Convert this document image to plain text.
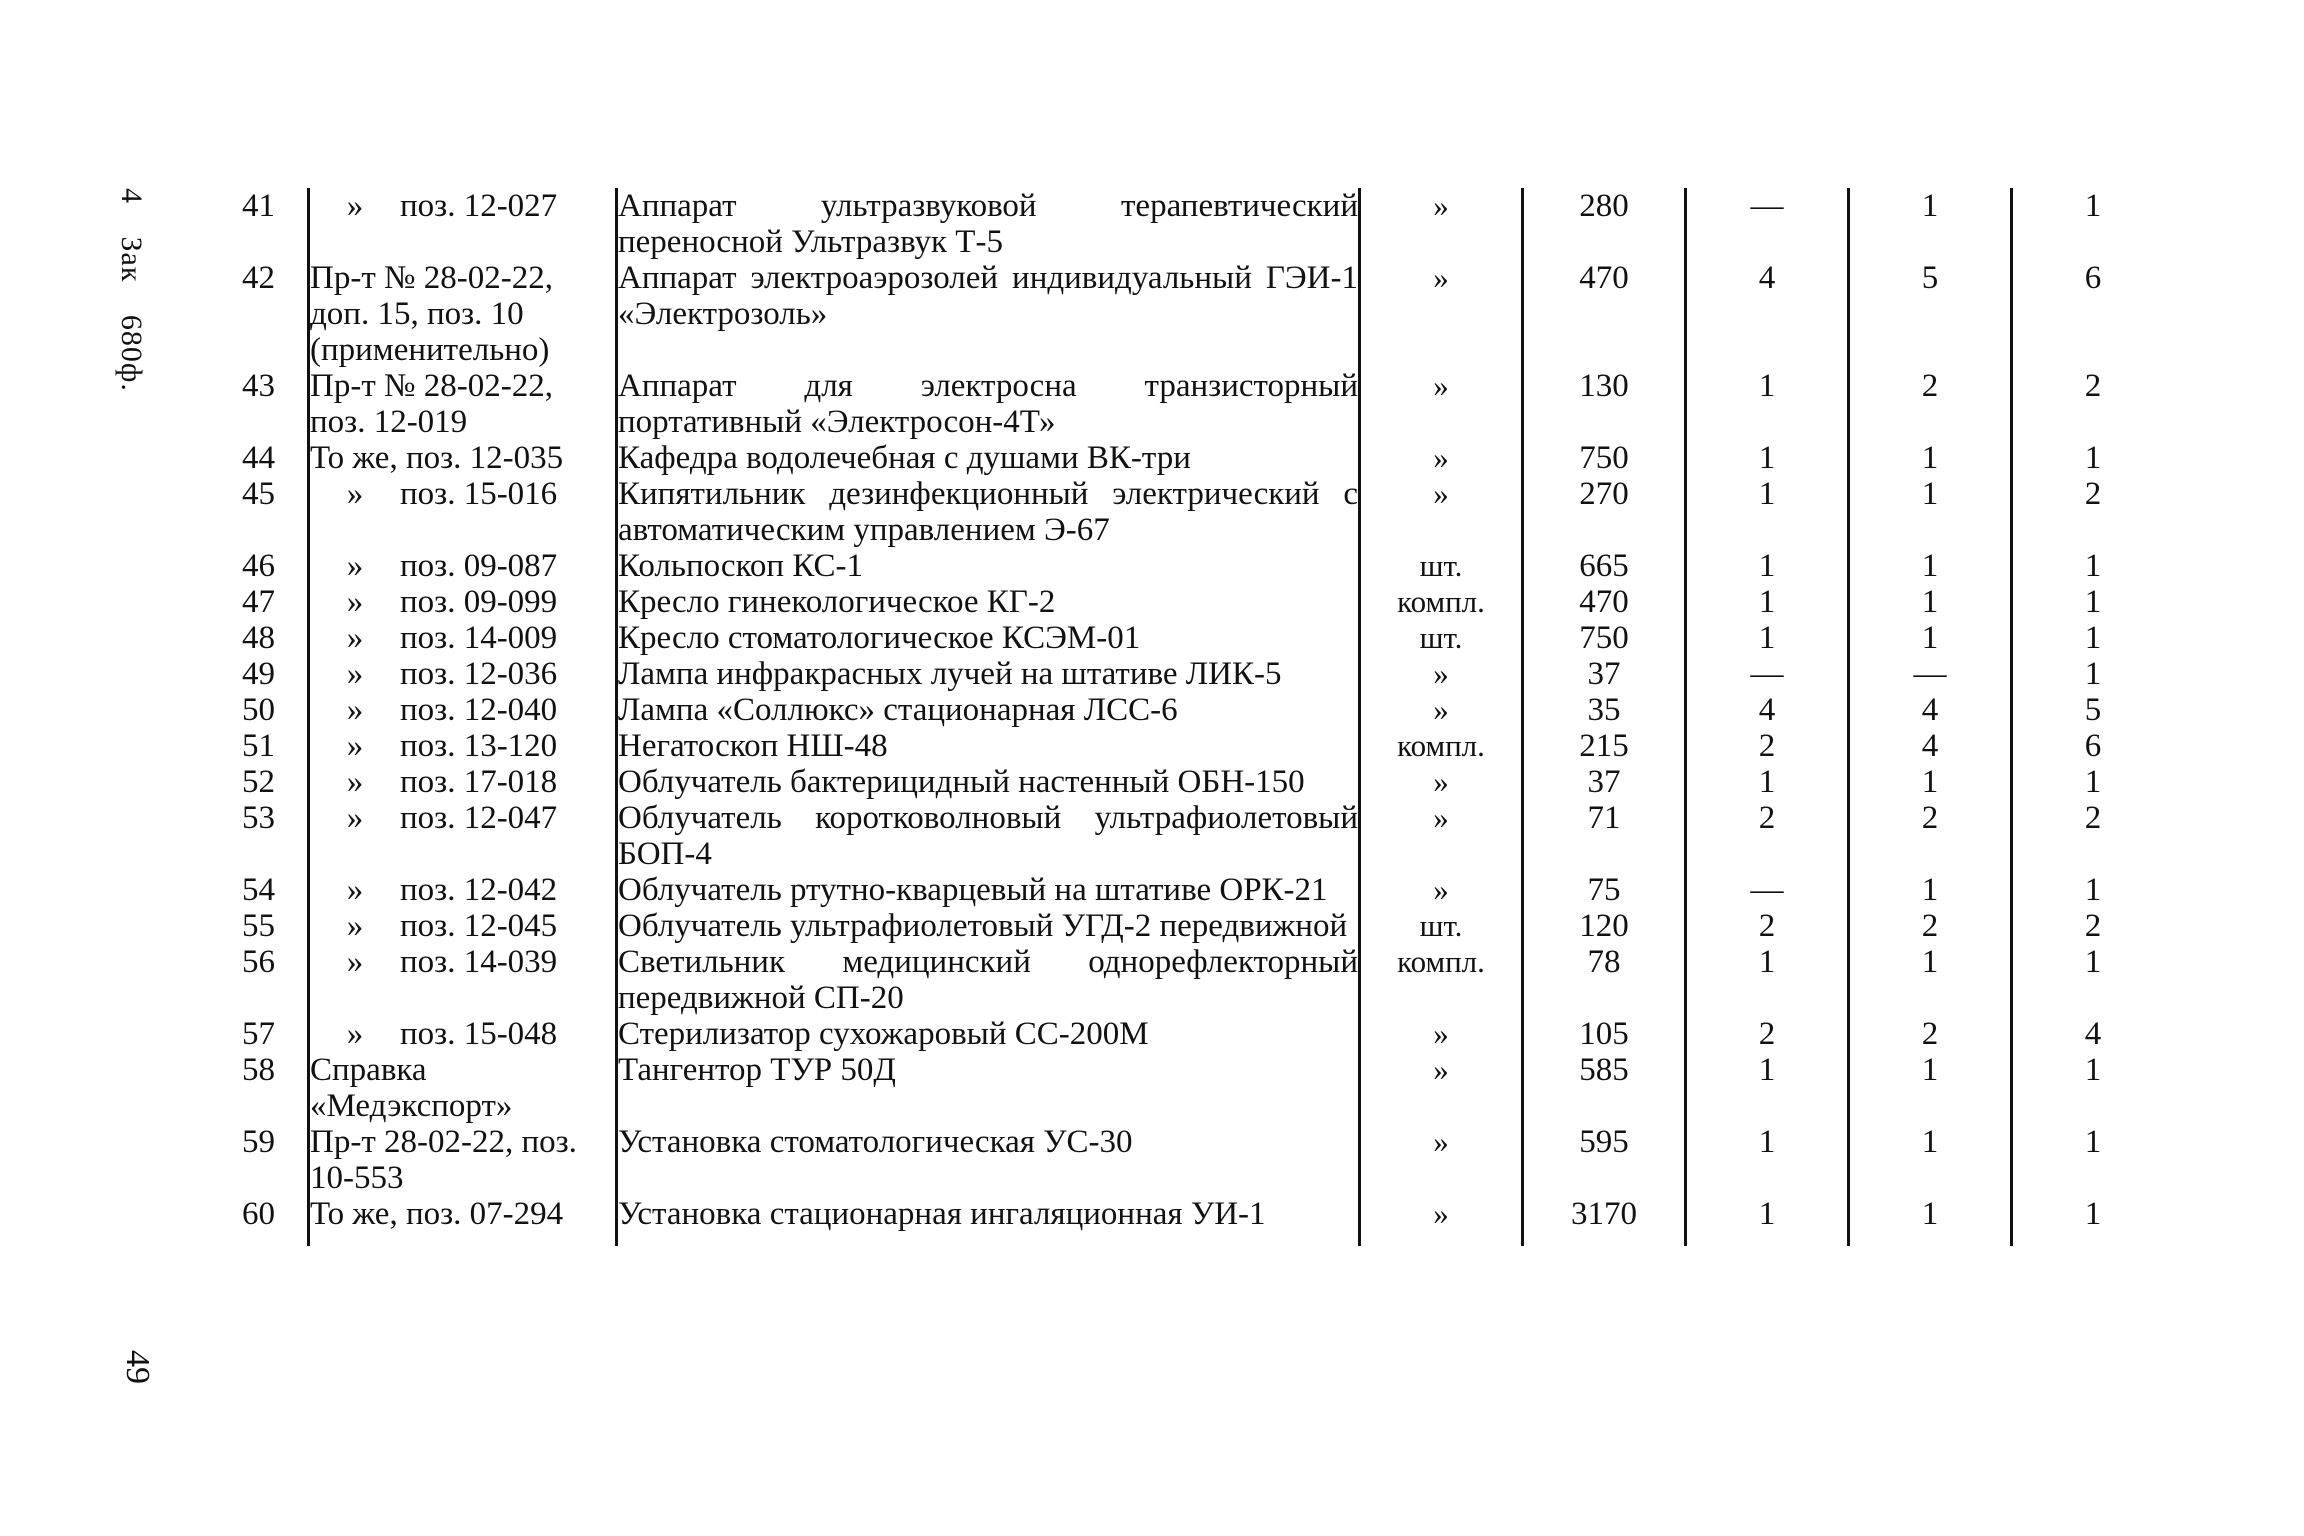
4 Зак 680ф.
49
41	» поз. 12-027	Аппарат ультразвуковой терапевтический переносной Ультразвук Т-5	»	280	—	1	1
42	Пр-т № 28-02-22, доп. 15, поз. 10 (применительно)	Аппарат электроаэрозолей индивидуальный ГЭИ-1 «Электрозоль»	»	470	4	5	6
43	Пр-т № 28-02-22, поз. 12-019	Аппарат для электросна транзисторный портативный «Электросон-4Т»	»	130	1	2	2
44	То же, поз. 12-035	Кафедра водолечебная с душами ВК-три	»	750	1	1	1
45	» поз. 15-016	Кипятильник дезинфекционный электрический с автоматическим управлением Э-67	»	270	1	1	2
46	» поз. 09-087	Кольпоскоп КС-1	шт.	665	1	1	1
47	» поз. 09-099	Кресло гинекологическое КГ-2	компл.	470	1	1	1
48	» поз. 14-009	Кресло стоматологическое КСЭМ-01	шт.	750	1	1	1
49	» поз. 12-036	Лампа инфракрасных лучей на штативе ЛИК-5	»	37	—	—	1
50	» поз. 12-040	Лампа «Соллюкс» стационарная ЛСС-6	»	35	4	4	5
51	» поз. 13-120	Негатоскоп НШ-48	компл.	215	2	4	6
52	» поз. 17-018	Облучатель бактерицидный настенный ОБН-150	»	37	1	1	1
53	» поз. 12-047	Облучатель коротковолновый ультрафиолетовый БОП-4	»	71	2	2	2
54	» поз. 12-042	Облучатель ртутно-кварцевый на штативе ОРК-21	»	75	—	1	1
55	» поз. 12-045	Облучатель ультрафиолетовый УГД-2 передвижной	шт.	120	2	2	2
56	» поз. 14-039	Светильник медицинский однорефлекторный передвижной СП-20	компл.	78	1	1	1
57	» поз. 15-048	Стерилизатор сухожаровый СС-200М	»	105	2	2	4
58	Справка «Медэкспорт»	Тангентор ТУР 50Д	»	585	1	1	1
59	Пр-т 28-02-22, поз. 10-553	Установка стоматологическая УС-30	»	595	1	1	1
60	То же, поз. 07-294	Установка стационарная ингаляционная УИ-1	»	3170	1	1	1
